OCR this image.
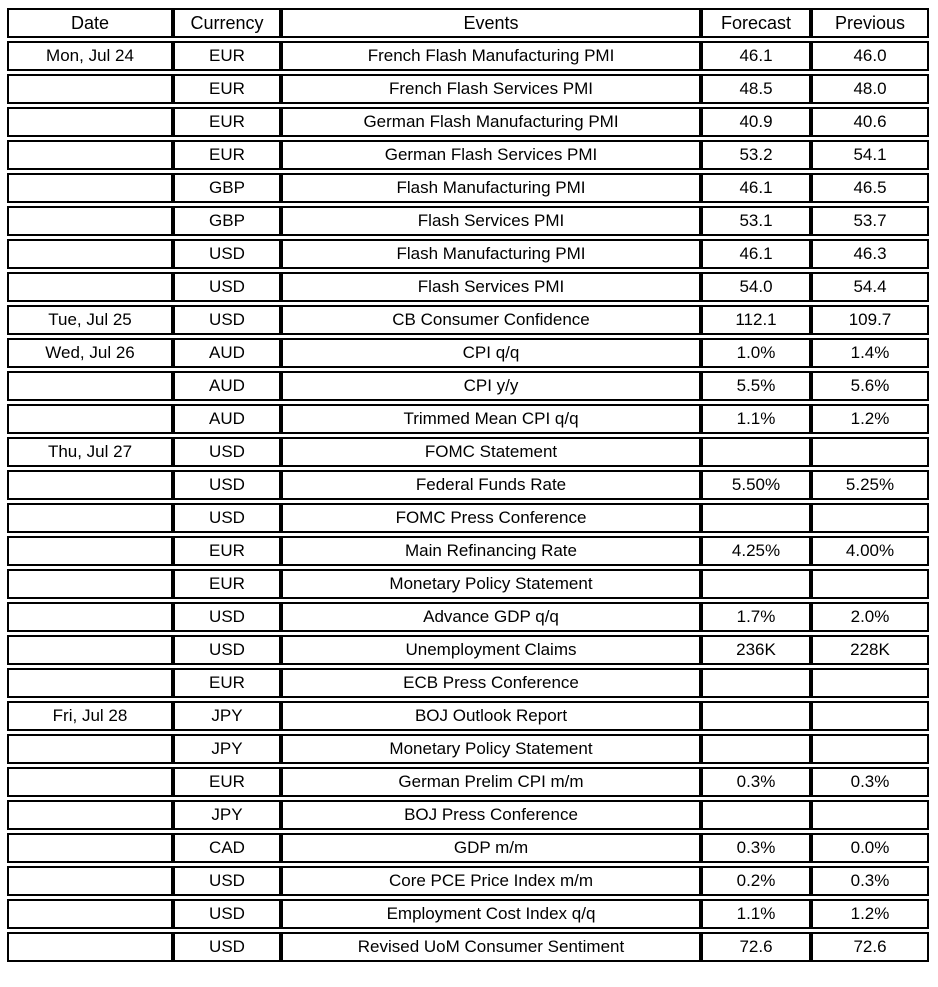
Date	Currency	Events	Forecast	Previous
Mon, Jul 24	EUR	French Flash Manufacturing PMI	46.1	46.0
	EUR	French Flash Services PMI	48.5	48.0
	EUR	German Flash Manufacturing PMI	40.9	40.6
	EUR	German Flash Services PMI	53.2	54.1
	GBP	Flash Manufacturing PMI	46.1	46.5
	GBP	Flash Services PMI	53.1	53.7
	USD	Flash Manufacturing PMI	46.1	46.3
	USD	Flash Services PMI	54.0	54.4
Tue, Jul 25	USD	CB Consumer Confidence	112.1	109.7
Wed, Jul 26	AUD	CPI q/q	1.0%	1.4%
	AUD	CPI y/y	5.5%	5.6%
	AUD	Trimmed Mean CPI q/q	1.1%	1.2%
Thu, Jul 27	USD	FOMC Statement		
	USD	Federal Funds Rate	5.50%	5.25%
	USD	FOMC Press Conference		
	EUR	Main Refinancing Rate	4.25%	4.00%
	EUR	Monetary Policy Statement		
	USD	Advance GDP q/q	1.7%	2.0%
	USD	Unemployment Claims	236K	228K
	EUR	ECB Press Conference		
Fri, Jul 28	JPY	BOJ Outlook Report		
	JPY	Monetary Policy Statement		
	EUR	German Prelim CPI m/m	0.3%	0.3%
	JPY	BOJ Press Conference		
	CAD	GDP m/m	0.3%	0.0%
	USD	Core PCE Price Index m/m	0.2%	0.3%
	USD	Employment Cost Index q/q	1.1%	1.2%
	USD	Revised UoM Consumer Sentiment	72.6	72.6
